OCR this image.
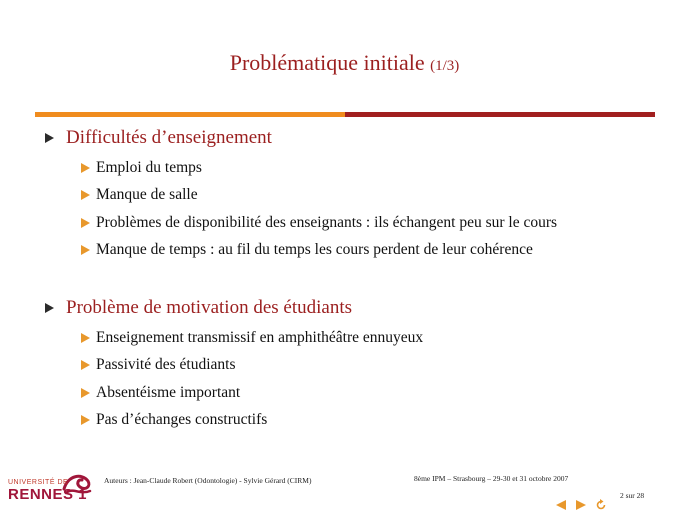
Problématique initiale (1/3)
Difficultés d’enseignement
Emploi du temps
Manque de salle
Problèmes de disponibilité des enseignants : ils échangent peu sur le cours
Manque de temps : au fil du temps les cours perdent de leur cohérence
Problème de motivation des étudiants
Enseignement transmissif en amphithéâtre ennuyeux
Passivité des étudiants
Absentéisme important
Pas d’échanges constructifs
UNIVERSITÉ DE
RENNES 1
Auteurs : Jean-Claude Robert (Odontologie) - Sylvie Gérard (CIRM)	8ème IPM – Strasbourg – 29-30 et 31 octobre 2007
2 sur 28
